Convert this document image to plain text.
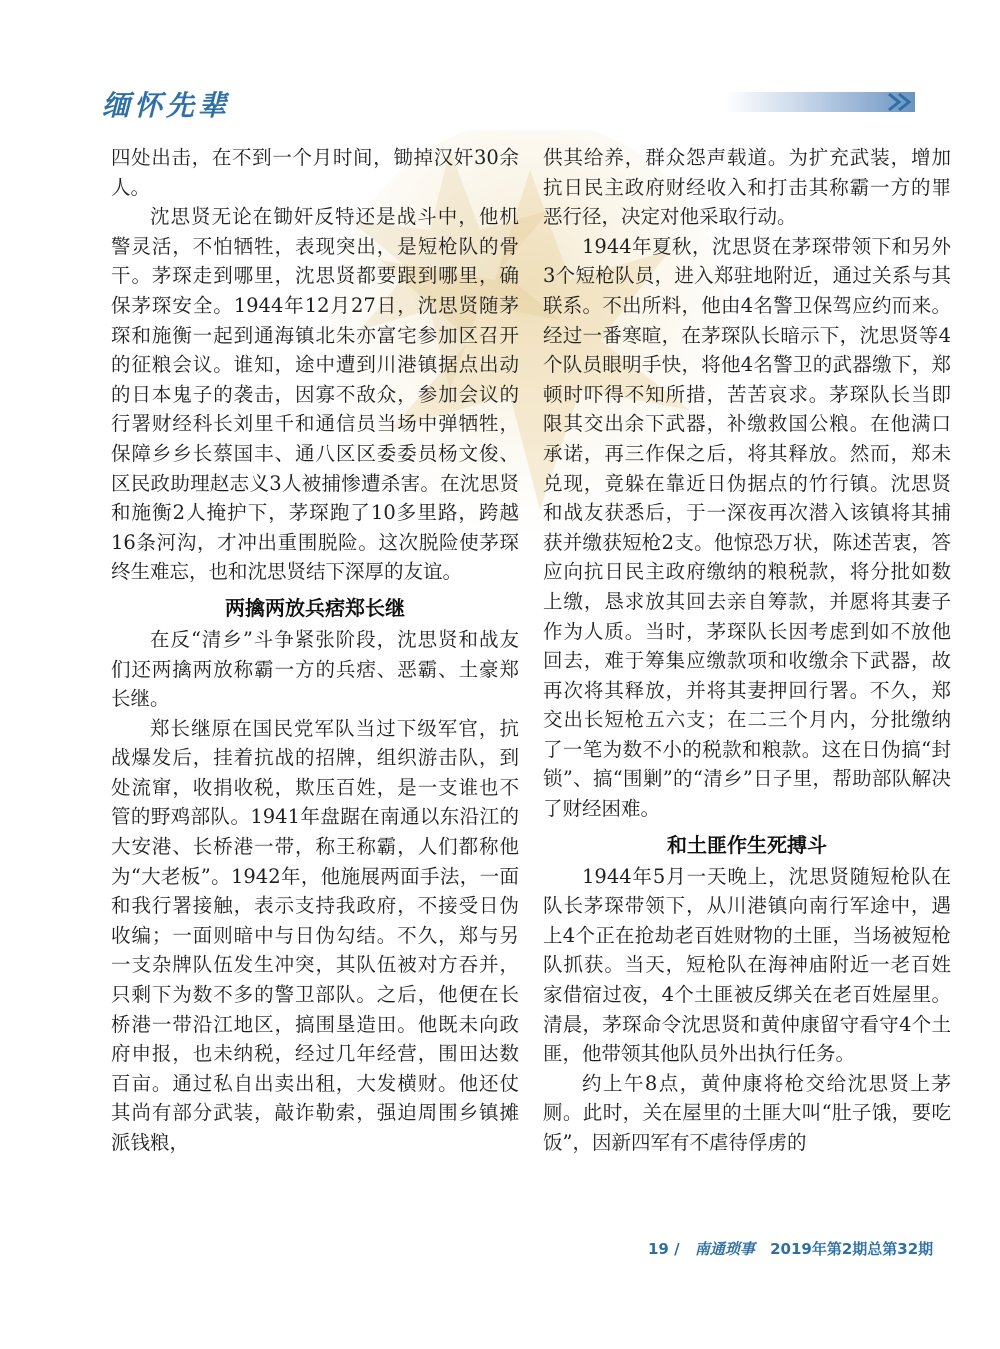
缅怀先辈

四处出击，在不到一个月时间，锄掉汉奸30余人。

沈思贤无论在锄奸反特还是战斗中，他机警灵活，不怕牺牲，表现突出，是短枪队的骨干。茅琛走到哪里，沈思贤都要跟到哪里，确保茅琛安全。1944年12月27日，沈思贤随茅琛和施衡一起到通海镇北朱亦富宅参加区召开的征粮会议。谁知，途中遭到川港镇据点出动的日本鬼子的袭击，因寡不敌众，参加会议的行署财经科长刘里千和通信员当场中弹牺牲，保障乡乡长蔡国丰、通八区区委委员杨文俊、区民政助理赵志义3人被捕惨遭杀害。在沈思贤和施衡2人掩护下，茅琛跑了10多里路，跨越16条河沟，才冲出重围脱险。这次脱险使茅琛终生难忘，也和沈思贤结下深厚的友谊。

两擒两放兵痞郑长继

在反“清乡”斗争紧张阶段，沈思贤和战友们还两擒两放称霸一方的兵痞、恶霸、土豪郑长继。

郑长继原在国民党军队当过下级军官，抗战爆发后，挂着抗战的招牌，组织游击队，到处流窜，收捐收税，欺压百姓，是一支谁也不管的野鸡部队。1941年盘踞在南通以东沿江的大安港、长桥港一带，称王称霸，人们都称他为“大老板”。1942年，他施展两面手法，一面和我行署接触，表示支持我政府，不接受日伪收编；一面则暗中与日伪勾结。不久，郑与另一支杂牌队伍发生冲突，其队伍被对方吞并，只剩下为数不多的警卫部队。之后，他便在长桥港一带沿江地区，搞围垦造田。他既未向政府申报，也未纳税，经过几年经营，围田达数百亩。通过私自出卖出租，大发横财。他还仗其尚有部分武装，敲诈勒索，强迫周围乡镇摊派钱粮，

供其给养，群众怨声载道。为扩充武装，增加抗日民主政府财经收入和打击其称霸一方的罪恶行径，决定对他采取行动。

1944年夏秋，沈思贤在茅琛带领下和另外3个短枪队员，进入郑驻地附近，通过关系与其联系。不出所料，他由4名警卫保驾应约而来。经过一番寒暄，在茅琛队长暗示下，沈思贤等4个队员眼明手快，将他4名警卫的武器缴下，郑顿时吓得不知所措，苦苦哀求。茅琛队长当即限其交出余下武器，补缴救国公粮。在他满口承诺，再三作保之后，将其释放。然而，郑未兑现，竟躲在靠近日伪据点的竹行镇。沈思贤和战友获悉后，于一深夜再次潜入该镇将其捕获并缴获短枪2支。他惊恐万状，陈述苦衷，答应向抗日民主政府缴纳的粮税款，将分批如数上缴，恳求放其回去亲自筹款，并愿将其妻子作为人质。当时，茅琛队长因考虑到如不放他回去，难于筹集应缴款项和收缴余下武器，故再次将其释放，并将其妻押回行署。不久，郑交出长短枪五六支；在二三个月内，分批缴纳了一笔为数不小的税款和粮款。这在日伪搞“封锁”、搞“围剿”的“清乡”日子里，帮助部队解决了财经困难。

和土匪作生死搏斗

1944年5月一天晚上，沈思贤随短枪队在队长茅琛带领下，从川港镇向南行军途中，遇上4个正在抢劫老百姓财物的土匪，当场被短枪队抓获。当天，短枪队在海神庙附近一老百姓家借宿过夜，4个土匪被反绑关在老百姓屋里。清晨，茅琛命令沈思贤和黄仲康留守看守4个土匪，他带领其他队员外出执行任务。

约上午8点，黄仲康将枪交给沈思贤上茅厕。此时，关在屋里的土匪大叫“肚子饿，要吃饭”，因新四军有不虐待俘虏的

19 / 南通琐事 2019年第2期总第32期
